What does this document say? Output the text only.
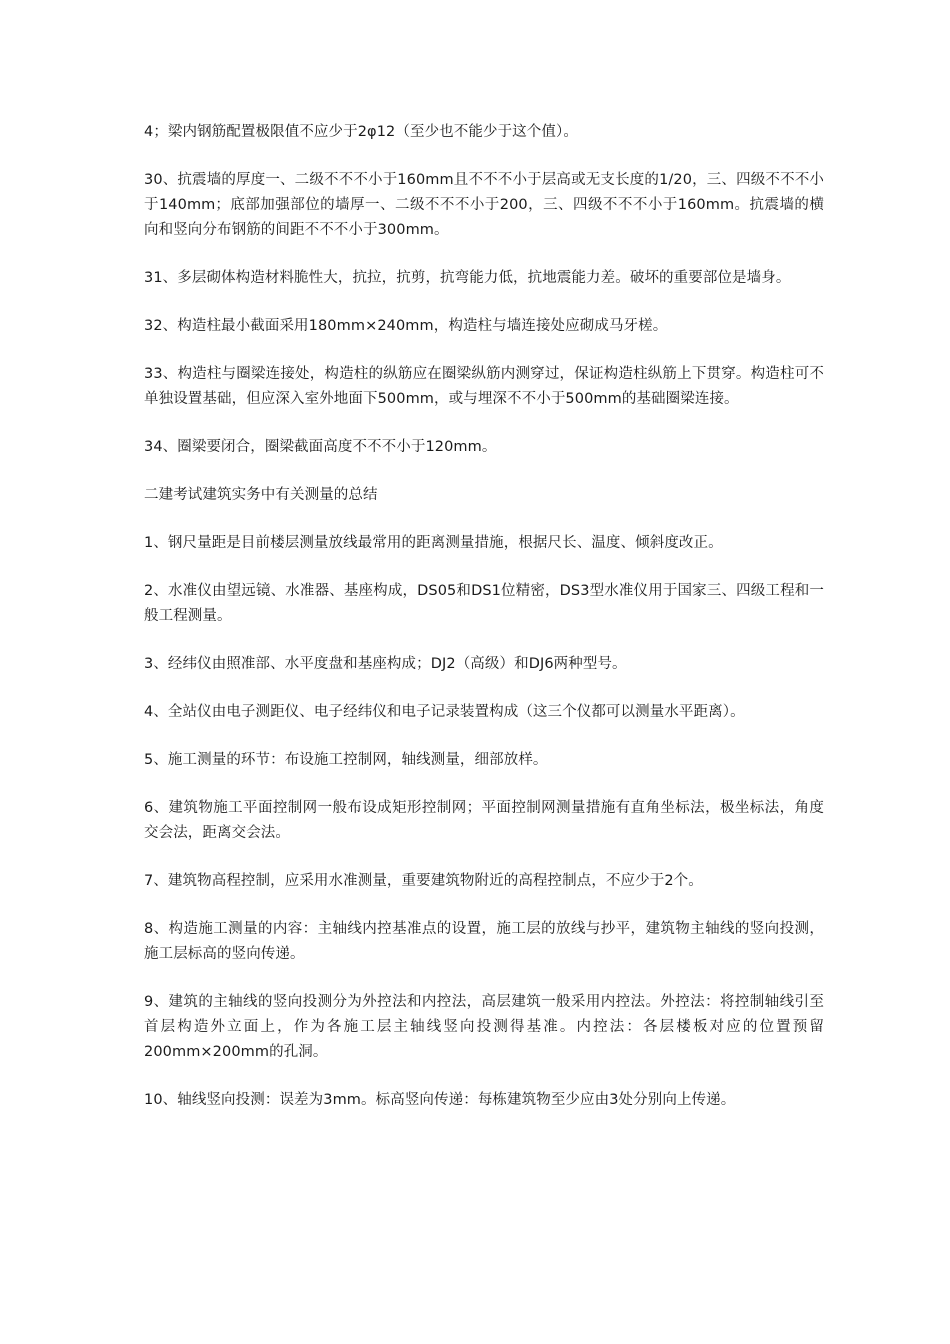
4；梁内钢筋配置极限值不应少于2φ12（至少也不能少于这个值）。

30、抗震墙的厚度一、二级不不不小于160mm且不不不小于层高或无支长度的1/20，三、四级不不不小于140mm；底部加强部位的墙厚一、二级不不不小于200，三、四级不不不小于160mm。抗震墙的横向和竖向分布钢筋的间距不不不小于300mm。

31、多层砌体构造材料脆性大，抗拉，抗剪，抗弯能力低，抗地震能力差。破坏的重要部位是墙身。

32、构造柱最小截面采用180mm×240mm，构造柱与墙连接处应砌成马牙槎。

33、构造柱与圈梁连接处，构造柱的纵筋应在圈梁纵筋内测穿过，保证构造柱纵筋上下贯穿。构造柱可不单独设置基础，但应深入室外地面下500mm，或与埋深不不小于500mm的基础圈梁连接。

34、圈梁要闭合，圈梁截面高度不不不小于120mm。

二建考试建筑实务中有关测量的总结

1、钢尺量距是目前楼层测量放线最常用的距离测量措施，根据尺长、温度、倾斜度改正。

2、水准仪由望远镜、水准器、基座构成，DS05和DS1位精密，DS3型水准仪用于国家三、四级工程和一般工程测量。

3、经纬仪由照准部、水平度盘和基座构成；DJ2（高级）和DJ6两种型号。

4、全站仪由电子测距仪、电子经纬仪和电子记录装置构成（这三个仪都可以测量水平距离）。

5、施工测量的环节：布设施工控制网，轴线测量，细部放样。

6、建筑物施工平面控制网一般布设成矩形控制网；平面控制网测量措施有直角坐标法，极坐标法，角度交会法，距离交会法。

7、建筑物高程控制，应采用水准测量，重要建筑物附近的高程控制点，不应少于2个。

8、构造施工测量的内容：主轴线内控基准点的设置，施工层的放线与抄平，建筑物主轴线的竖向投测，施工层标高的竖向传递。

9、建筑的主轴线的竖向投测分为外控法和内控法，高层建筑一般采用内控法。外控法：将控制轴线引至首层构造外立面上，作为各施工层主轴线竖向投测得基准。内控法：各层楼板对应的位置预留200mm×200mm的孔洞。

10、轴线竖向投测：误差为3mm。标高竖向传递：每栋建筑物至少应由3处分别向上传递。
